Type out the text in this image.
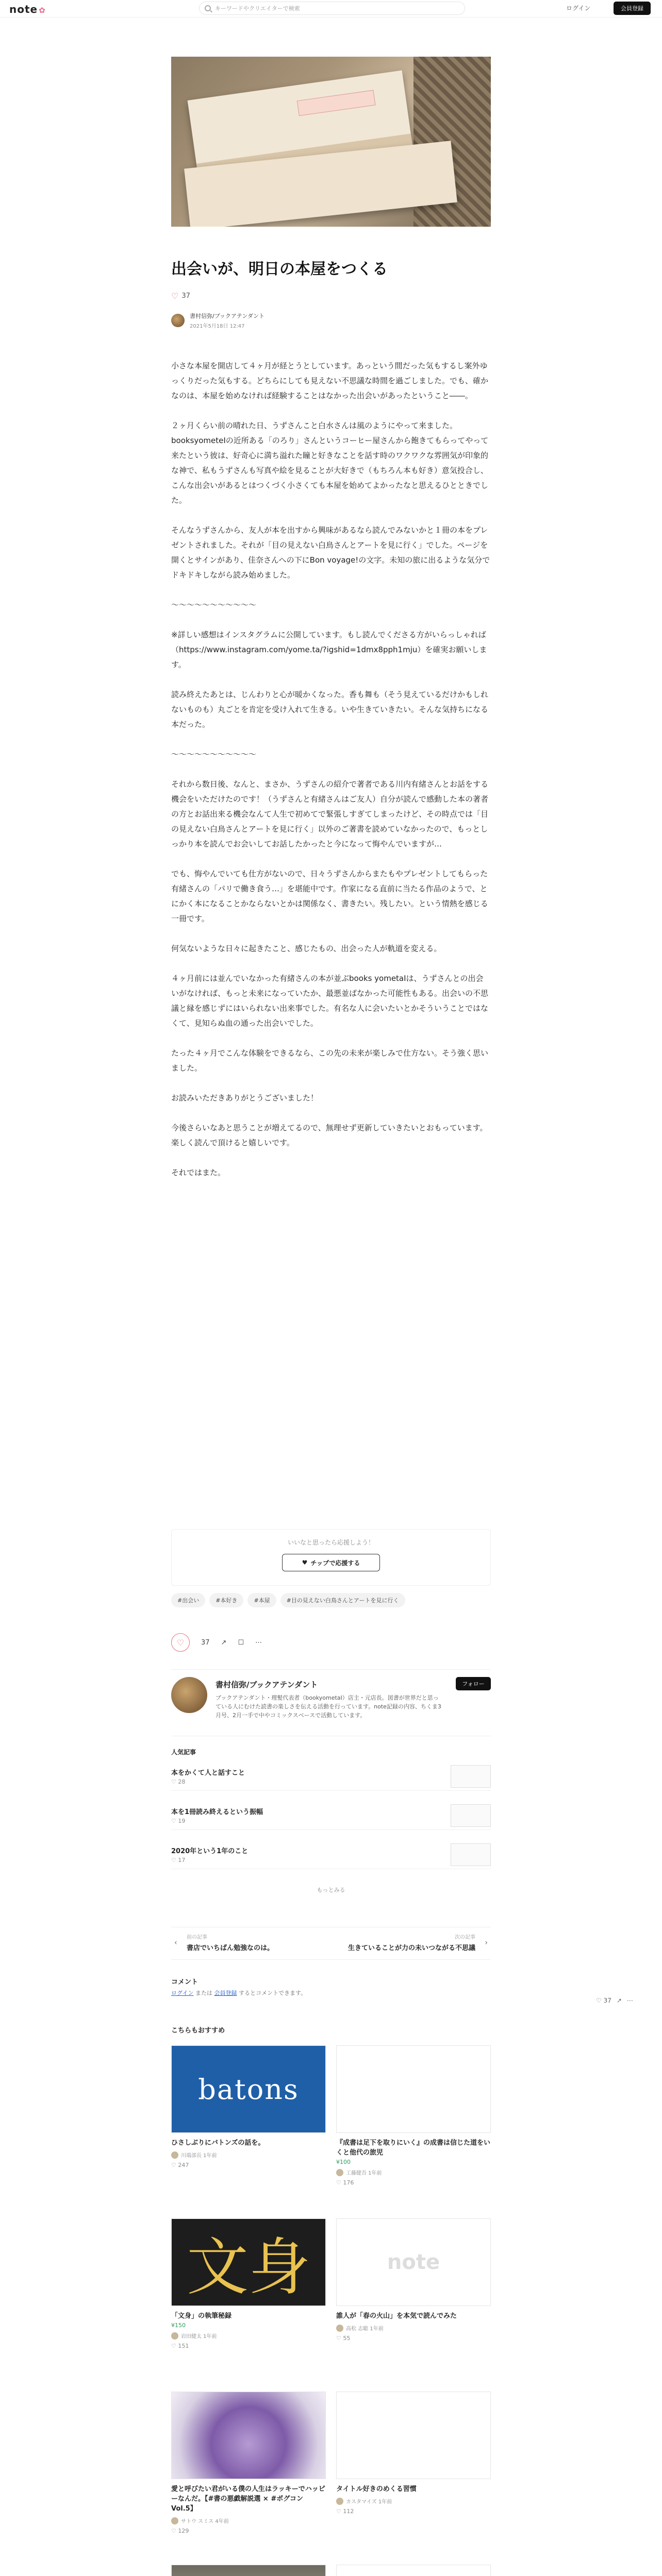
note ✿	キーワードやクリエイターで検索	ログイン	会員登録
出会いが、明日の本屋をつくる
♡ 37
書村信弥/ブックアテンダント
2021年5月18日 12:47

小さな本屋を開店して４ヶ月が経とうとしています。あっという間だった気もするし案外ゆっくりだった気もする。どちらにしても見えない不思議な時間を過ごしました。でも、確かなのは、本屋を始めなければ経験することはなかった出会いがあったということ――。

２ヶ月くらい前の晴れた日、うずさんこと白水さんは風のようにやって来ました。booksyometeⅠの近所ある「のろり」さんというコーヒー屋さんから飽きてもらってやって来たという彼は、好奇心に満ち溢れた瞳と好きなことを話す時のワクワクな雰囲気が印象的な神で、私もうずさんも写真や絵を見ることが大好きで（もちろん本も好き）意気投合し、こんな出会いがあるとはつくづく小さくても本屋を始めてよかったなと思えるひとときでした。

そんなうずさんから、友人が本を出すから興味があるなら読んでみないかと１冊の本をプレゼントされました。それが「目の見えない白鳥さんとアートを見に行く」でした。ページを開くとサインがあり、佳奈さんへの下にBon voyage!の文字。未知の旅に出るような気分でドキドキしながら読み始めました。

〜〜〜〜〜〜〜〜〜〜〜

※詳しい感想はインスタグラムに公開しています。もし読んでくださる方がいらっしゃれば（https://www.instagram.com/yome.ta/?igshid=1dmx8pph1mju）を確実お願いします。

読み終えたあとは、じんわりと心が暖かくなった。香も舞も（そう見えているだけかもしれないものも）丸ごとを肯定を受け入れて生きる。いや生きていきたい。そんな気持ちになる本だった。

〜〜〜〜〜〜〜〜〜〜〜

それから数日後、なんと、まさか、うずさんの紹介で著者である川内有緒さんとお話をする機会をいただけたのです！（うずさんと有緒さんはご友人）自分が読んで感動した本の著者の方とお話出来る機会なんて人生で初めてで緊張しすぎてしまったけど、その時点では「目の見えない白鳥さんとアートを見に行く」以外のご著書を読めていなかったので、もっとしっかり本を読んでお会いしてお話したかったと今になって悔やんでいますが…

でも、悔やんでいても仕方がないので、日々うずさんからまたもやプレゼントしてもらった有緒さんの「パリで働き食う…」を堪能中です。作家になる直前に当たる作品のようで、とにかく本になることかならないとかは関係なく、書きたい。残したい。という情熱を感じる一冊です。

何気ないような日々に起きたこと、感じたもの、出会った人が軌道を変える。

４ヶ月前には並んでいなかった有緒さんの本が並ぶbooks yometaⅠは、うずさんとの出会いがなければ、もっと未来になっていたか、最悪並ばなかった可能性もある。出会いの不思議と縁を感じずにはいられない出来事でした。有名な人に会いたいとかそういうことではなくて、見知らぬ血の通った出会いでした。

たった４ヶ月でこんな体験をできるなら、この先の未来が楽しみで仕方ない。そう強く思いました。

お読みいただきありがとうございました！

今後さらいなあと思うことが増えてるので、無理せず更新していきたいとおもっています。楽しく読んで頂けると嬉しいです。

それではまた。

いいなと思ったら応援しよう！
♥ チップで応援する
#出会い	#本好き	#本屋	#目の見えない白鳥さんとアートを見に行く
♡	37 ↗ ☐ ⋯
書村信弥/ブックアテンダント
ブックアテンダント・理髪代表者（bookyometaⅠ）店主・元店長。図書が世界だと思っている人にむけた読書の楽しさを伝える活動を行っています。note記録の内容、ちくま3月号、2月一手で中やコミックスベースで活動しています。
フォロー
人気記事
本をかくて人と話すこと
♡ 28
本を1冊読み終えるという振幅
♡ 19
2020年という1年のこと
♡ 17
もっとみる
‹
前の記事
書店でいちばん勉強なのは。
次の記事
生きていることが力の未いつながる不思議
›
コメント
ログイン または 会員登録 するとコメントできます。
♡ 37 ↗ ⋯
こちらもおすすめ
batons
ひさしぶりにバトンズの話を。
川端部長 1年前
♡ 247
『成書は足下を取りにいく』の成書は信じた道をいくと他代の旅児
¥100
工藤健吾 1年前
♡ 176
文身
「文身」の執筆秘録
¥150
岩田健太 1年前
♡ 151
note
誰人が「春の火山」を本気で読んでみた
高松 志聡 1年前
♡ 55
愛と呼びたい君がいる僕の人生はラッキーでハッピーなんだ。【#書の悪戯解説選 × #ポグコン Vol.5】
サトウ スミス 4年前
♡ 129
タイトル好きのめくる習慣
カスタマイズ 1年前
♡ 112
